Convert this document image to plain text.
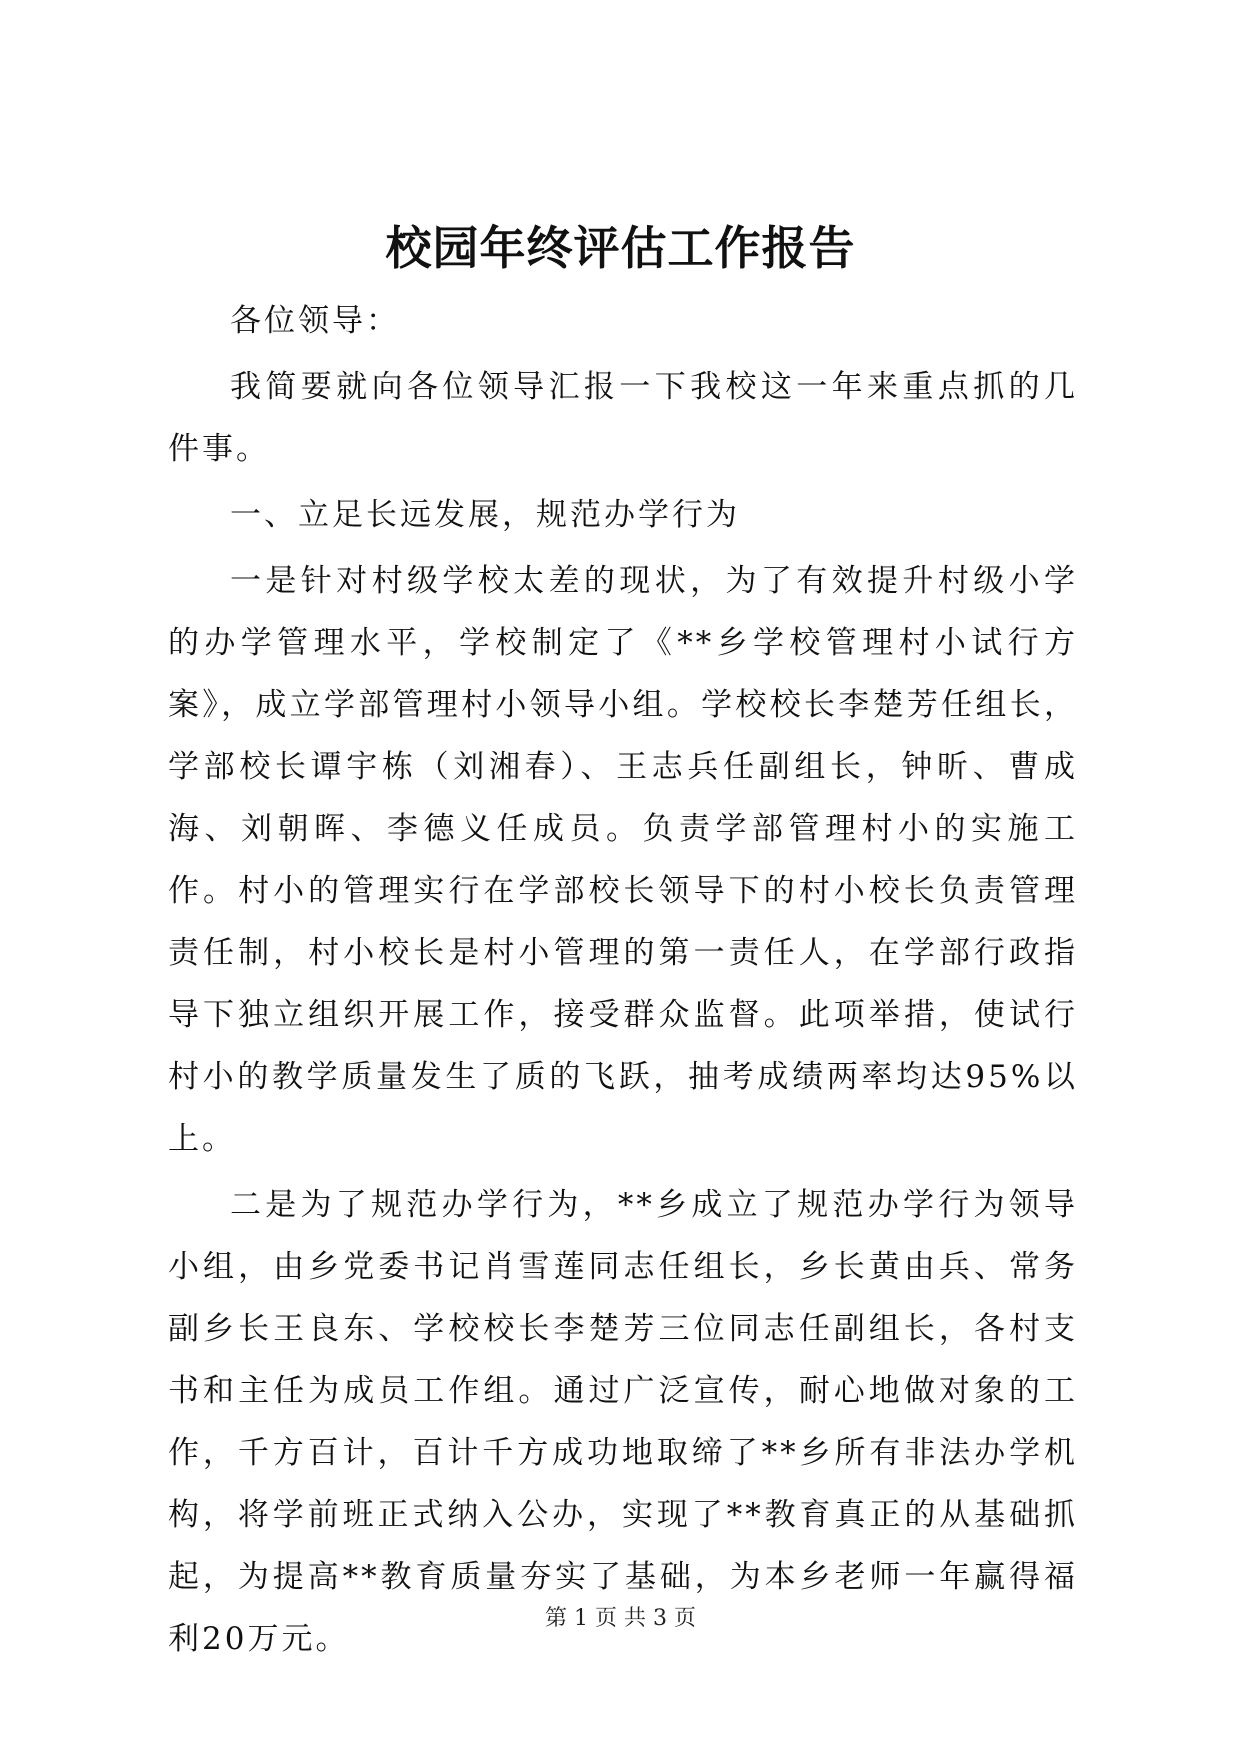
校园年终评估工作报告

各位领导：

我简要就向各位领导汇报一下我校这一年来重点抓的几件事。

一、立足长远发展，规范办学行为

一是针对村级学校太差的现状，为了有效提升村级小学的办学管理水平，学校制定了《**乡学校管理村小试行方案》，成立学部管理村小领导小组。学校校长李楚芳任组长，学部校长谭宇栋（刘湘春）、王志兵任副组长，钟昕、曹成海、刘朝晖、李德义任成员。负责学部管理村小的实施工作。村小的管理实行在学部校长领导下的村小校长负责管理责任制，村小校长是村小管理的第一责任人，在学部行政指导下独立组织开展工作，接受群众监督。此项举措，使试行村小的教学质量发生了质的飞跃，抽考成绩两率均达95%以上。

二是为了规范办学行为，**乡成立了规范办学行为领导小组，由乡党委书记肖雪莲同志任组长，乡长黄由兵、常务副乡长王良东、学校校长李楚芳三位同志任副组长，各村支书和主任为成员工作组。通过广泛宣传，耐心地做对象的工作，千方百计，百计千方成功地取缔了**乡所有非法办学机构，将学前班正式纳入公办，实现了**教育真正的从基础抓起，为提高**教育质量夯实了基础，为本乡老师一年赢得福利20万元。

第 1 页 共 3 页
